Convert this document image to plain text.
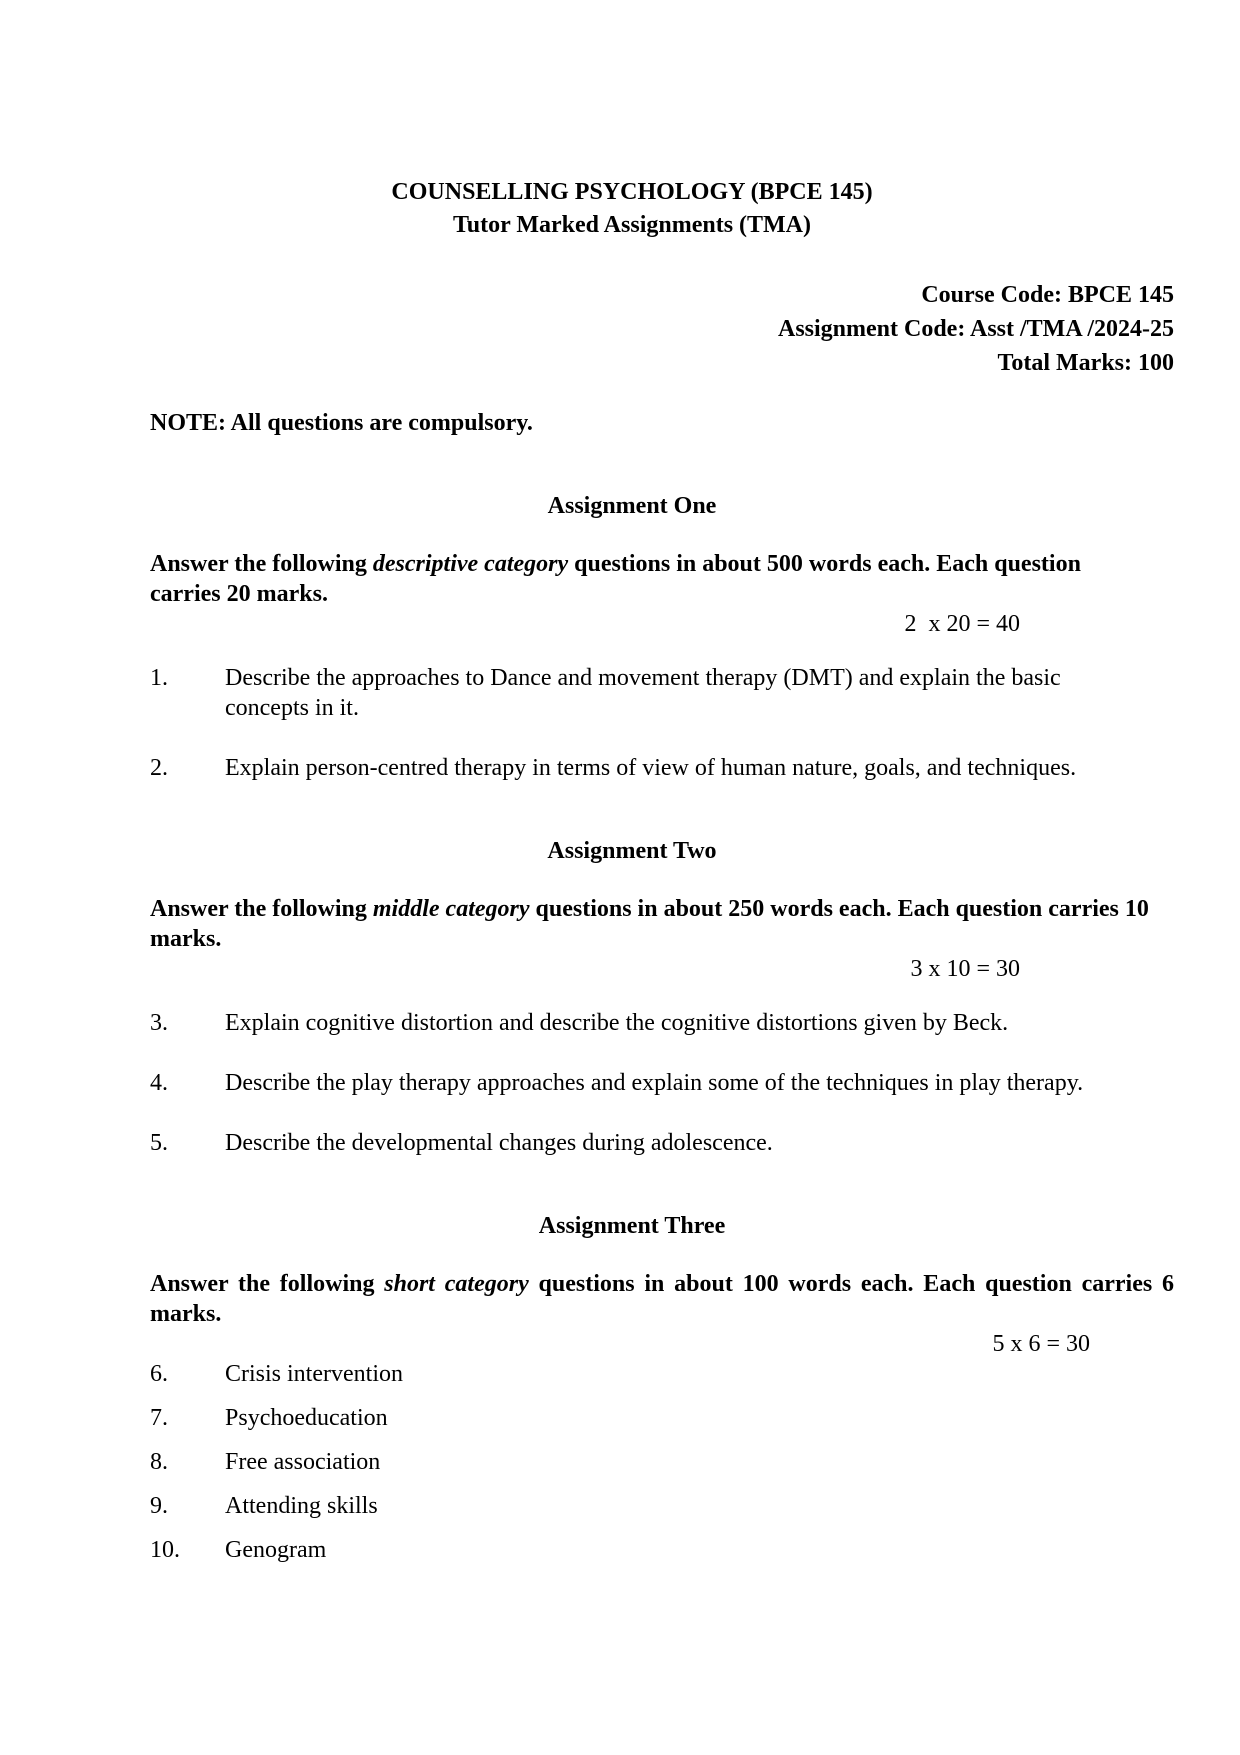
COUNSELLING PSYCHOLOGY (BPCE 145)
Tutor Marked Assignments (TMA)
Course Code: BPCE 145
Assignment Code: Asst /TMA /2024-25
Total Marks: 100

NOTE: All questions are compulsory.

Assignment One

Answer the following descriptive category questions in about 500 words each. Each question carries 20 marks.

2  x 20 = 40
1.	Describe the approaches to Dance and movement therapy (DMT) and explain the basic concepts in it.
2.	Explain person-centred therapy in terms of view of human nature, goals, and techniques.
Assignment Two

Answer the following middle category questions in about 250 words each. Each question carries 10 marks.

3 x 10 = 30
3.	Explain cognitive distortion and describe the cognitive distortions given by Beck.
4.	Describe the play therapy approaches and explain some of the techniques in play therapy.
5.	Describe the developmental changes during adolescence.
Assignment Three

Answer the following short category questions in about 100 words each. Each question carries 6 marks.

5 x 6 = 30
6.	Crisis intervention
7.	Psychoeducation
8.	Free association
9.	Attending skills
10.	Genogram
